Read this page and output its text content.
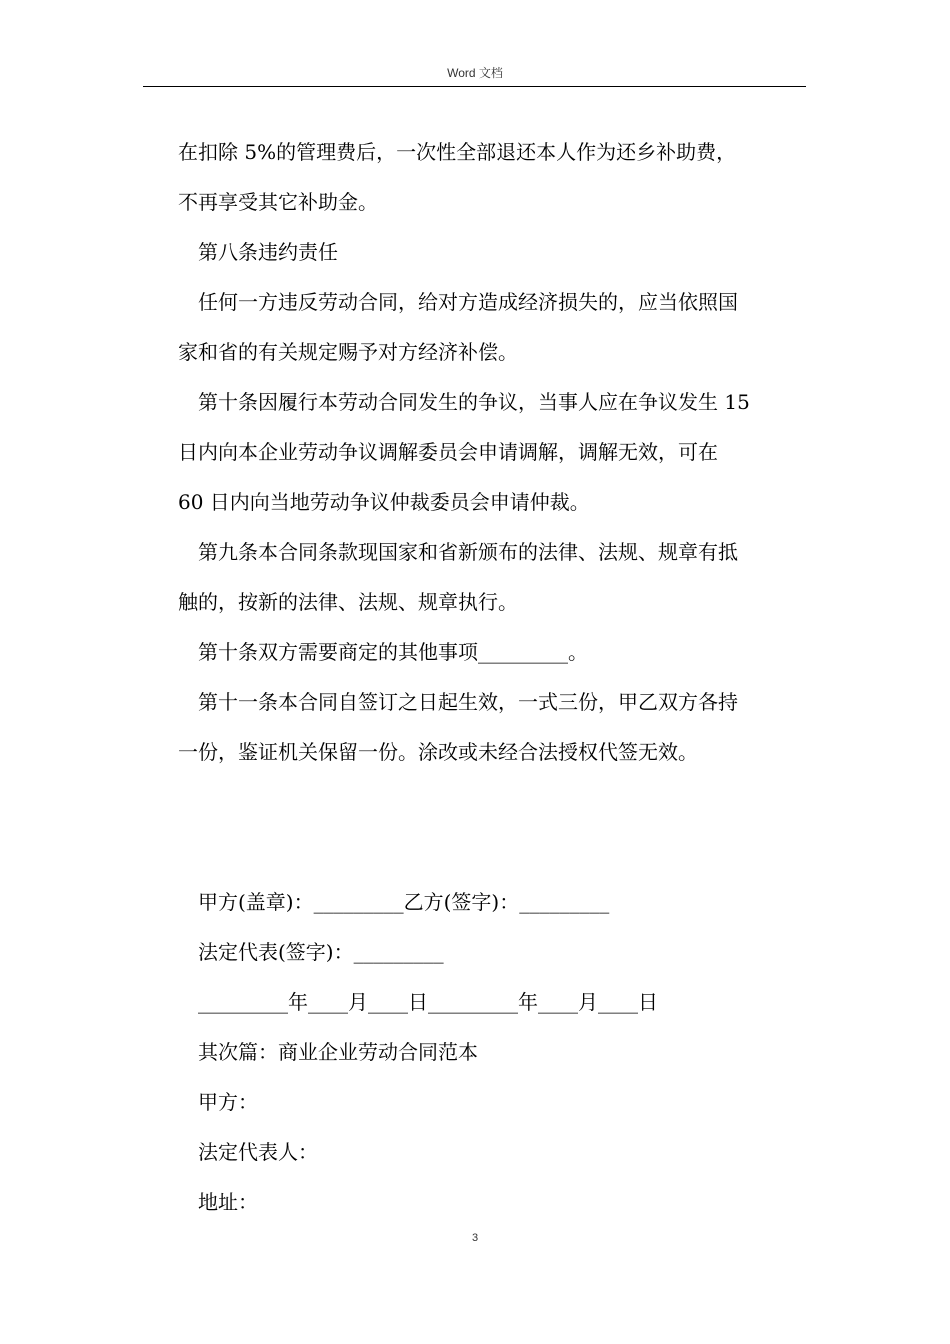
Word 文档
在扣除 5%的管理费后，一次性全部退还本人作为还乡补助费，
不再享受其它补助金。
第八条违约责任
任何一方违反劳动合同，给对方造成经济损失的，应当依照国
家和省的有关规定赐予对方经济补偿。
第十条因履行本劳动合同发生的争议，当事人应在争议发生 15
日内向本企业劳动争议调解委员会申请调解，调解无效，可在
60 日内向当地劳动争议仲裁委员会申请仲裁。
第九条本合同条款现国家和省新颁布的法律、法规、规章有抵
触的，按新的法律、法规、规章执行。
第十条双方需要商定的其他事项_________。
第十一条本合同自签订之日起生效，一式三份，甲乙双方各持
一份，鉴证机关保留一份。涂改或未经合法授权代签无效。
甲方(盖章)：_________乙方(签字)：_________
法定代表(签字)：_________
_________年____月____日_________年____月____日
其次篇：商业企业劳动合同范本
甲方：
法定代表人：
地址：
3
